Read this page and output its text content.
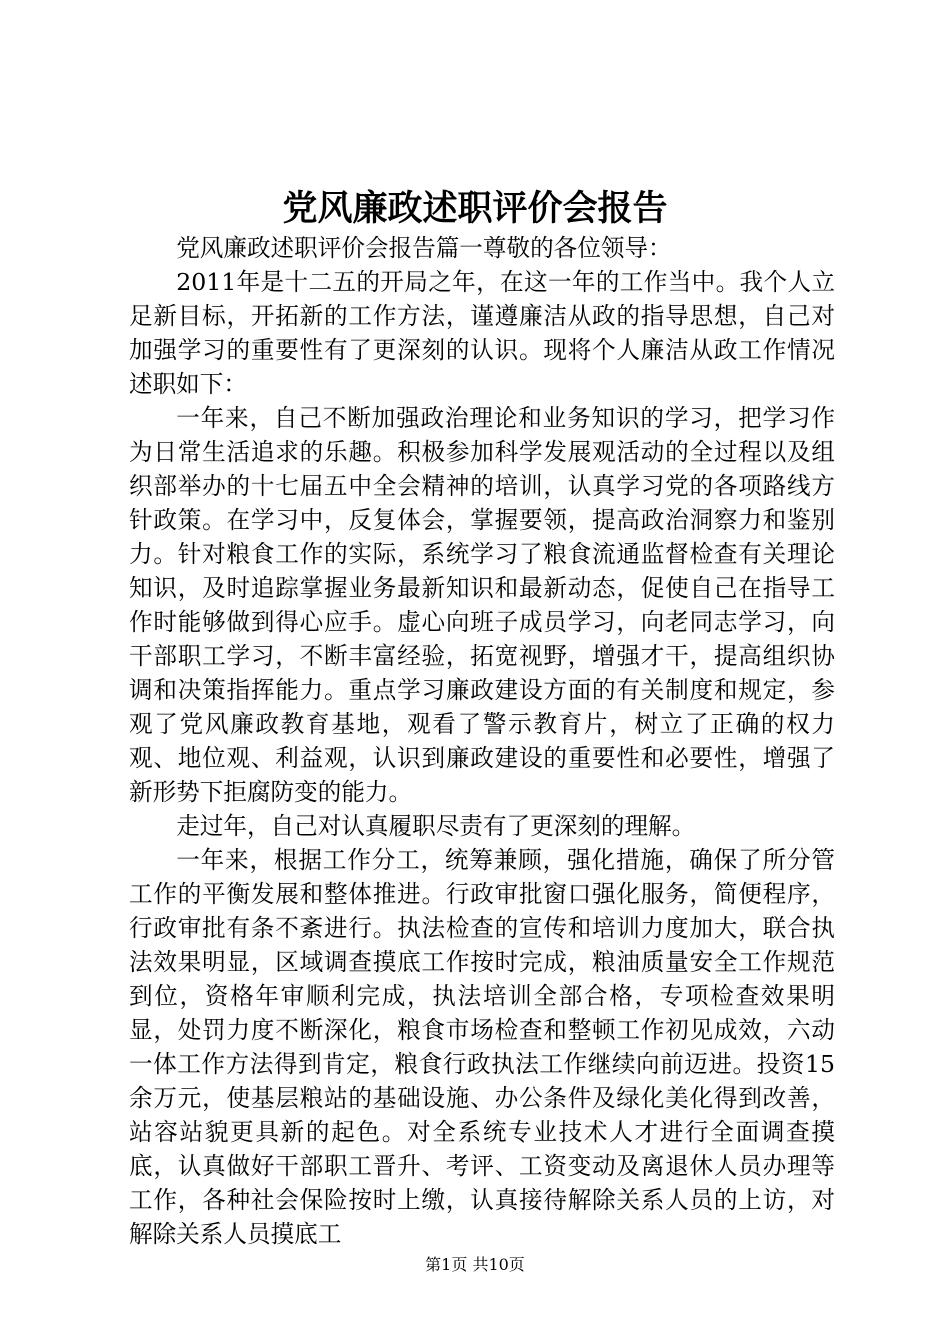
党风廉政述职评价会报告

党风廉政述职评价会报告篇一尊敬的各位领导：

2011年是十二五的开局之年，在这一年的工作当中。我个人立足新目标，开拓新的工作方法，谨遵廉洁从政的指导思想，自己对加强学习的重要性有了更深刻的认识。现将个人廉洁从政工作情况述职如下：

一年来，自己不断加强政治理论和业务知识的学习，把学习作为日常生活追求的乐趣。积极参加科学发展观活动的全过程以及组织部举办的十七届五中全会精神的培训，认真学习党的各项路线方针政策。在学习中，反复体会，掌握要领，提高政治洞察力和鉴别力。针对粮食工作的实际，系统学习了粮食流通监督检查有关理论知识，及时追踪掌握业务最新知识和最新动态，促使自己在指导工作时能够做到得心应手。虚心向班子成员学习，向老同志学习，向干部职工学习，不断丰富经验，拓宽视野，增强才干，提高组织协调和决策指挥能力。重点学习廉政建设方面的有关制度和规定，参观了党风廉政教育基地，观看了警示教育片，树立了正确的权力观、地位观、利益观，认识到廉政建设的重要性和必要性，增强了新形势下拒腐防变的能力。

走过年，自己对认真履职尽责有了更深刻的理解。

一年来，根据工作分工，统筹兼顾，强化措施，确保了所分管工作的平衡发展和整体推进。行政审批窗口强化服务，简便程序，行政审批有条不紊进行。执法检查的宣传和培训力度加大，联合执法效果明显，区域调查摸底工作按时完成，粮油质量安全工作规范到位，资格年审顺利完成，执法培训全部合格，专项检查效果明显，处罚力度不断深化，粮食市场检查和整顿工作初见成效，六动一体工作方法得到肯定，粮食行政执法工作继续向前迈进。投资15余万元，使基层粮站的基础设施、办公条件及绿化美化得到改善，站容站貌更具新的起色。对全系统专业技术人才进行全面调查摸底，认真做好干部职工晋升、考评、工资变动及离退休人员办理等工作，各种社会保险按时上缴，认真接待解除关系人员的上访，对解除关系人员摸底工

第1页 共10页
